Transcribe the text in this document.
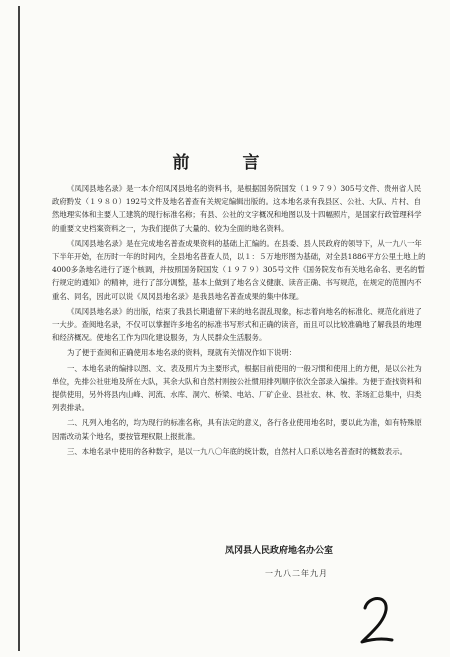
前　言

《凤冈县地名录》是一本介绍凤冈县地名的资料书，是根据国务院国发（１９７９）305号文件、贵州省人民政府黔发（１９８０）192号文件及地名普查有关规定编辑出版的。这本地名录有我县区、公社、大队、片村、自然地理实体和主要人工建筑的现行标准名称；有县、公社的文字概况和地图以及十四幅照片，是国家行政管理科学的重要文史档案资料之一，为我们提供了大量的、较为全面的地名资料。

《凤冈县地名录》是在完成地名普查成果资料的基础上汇编的。在县委、县人民政府的领导下，从一九八一年下半年开始，在历时一年的时间内，全县地名普查人员，以１：５万地形图为基础，对全县1886平方公里土地上的4000多条地名进行了逐个核调，并按照国务院国发（１９７９）305号文件《国务院发布有关地名命名、更名的暂行规定的通知》的精神，进行了部分调整，基本上做到了地名含义健康、读音正确、书写规范，在规定的范围内不重名、同名，因此可以说《凤冈县地名录》是我县地名普查成果的集中体现。

《凤冈县地名录》的出版，结束了我县长期遗留下来的地名混乱现象，标志着向地名的标准化、规范化前进了一大步。查阅地名录，不仅可以掌握许多地名的标准书写形式和正确的读音，而且可以比较准确地了解我县的地理和经济概况。使地名工作为四化建设服务，为人民群众生活服务。

为了便于查阅和正确使用本地名录的资料，现就有关情况作如下说明：

一、本地名录的编排以图、文、表及照片为主要形式，根据目前使用的一般习惯和使用上的方便，是以公社为单位，先排公社驻地及所在大队，其余大队和自然村则按公社惯用排列顺序依次全部录入编排。为便于查找资料和提供使用，另外将县内山峰、河流、水库、洞穴、桥梁、电站、厂矿企业、县社农、林、牧、茶场汇总集中，归类列表排录。

二、凡列入地名的，均为现行的标准名称，具有法定的意义，各行各业使用地名时，要以此为准，如有特殊原因需改动某个地名，要按管理权限上报批准。

三、本地名录中使用的各种数字，是以一九八〇年底的统计数，自然村人口系以地名普查时的概数表示。

凤冈县人民政府地名办公室
一九八二年九月
